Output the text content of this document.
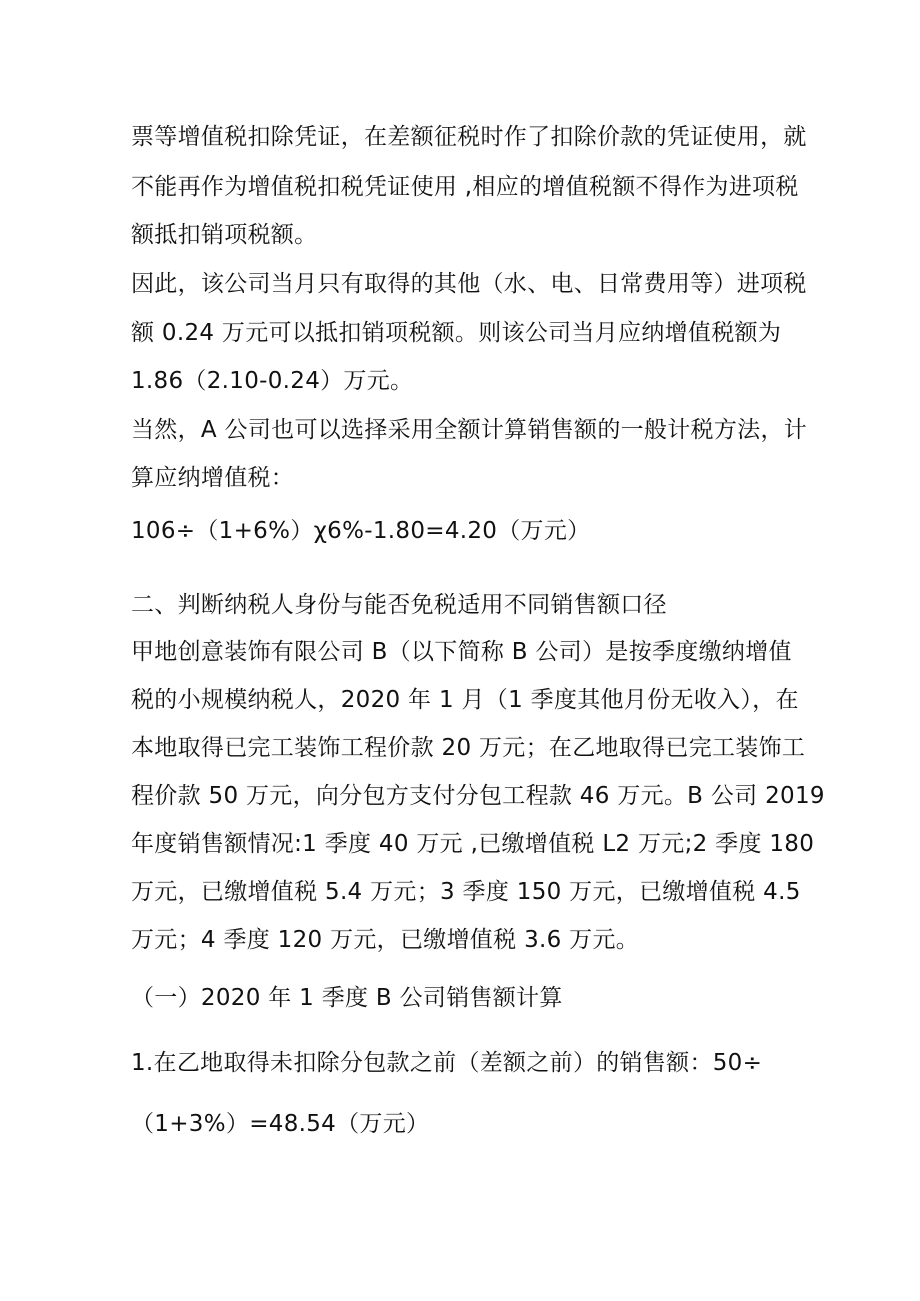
票等增值税扣除凭证，在差额征税时作了扣除价款的凭证使用，就
不能再作为增值税扣税凭证使用 ,相应的增值税额不得作为进项税
额抵扣销项税额。
因此，该公司当月只有取得的其他（水、电、日常费用等）进项税
额 0.24 万元可以抵扣销项税额。则该公司当月应纳增值税额为
1.86（2.10-0.24）万元。
当然，A 公司也可以选择采用全额计算销售额的一般计税方法，计
算应纳增值税：
106÷（1+6%）χ6%-1.80=4.20（万元）
二、判断纳税人身份与能否免税适用不同销售额口径
甲地创意装饰有限公司 B（以下简称 B 公司）是按季度缴纳增值
税的小规模纳税人，2020 年 1 月（1 季度其他月份无收入），在
本地取得已完工装饰工程价款 20 万元；在乙地取得已完工装饰工
程价款 50 万元，向分包方支付分包工程款 46 万元。B 公司 2019
年度销售额情况:1 季度 40 万元 ,已缴增值税 L2 万元;2 季度 180
万元，已缴增值税 5.4 万元；3 季度 150 万元，已缴增值税 4.5
万元；4 季度 120 万元，已缴增值税 3.6 万元。
（一）2020 年 1 季度 B 公司销售额计算
1.在乙地取得未扣除分包款之前（差额之前）的销售额：50÷
（1+3%）=48.54（万元）
